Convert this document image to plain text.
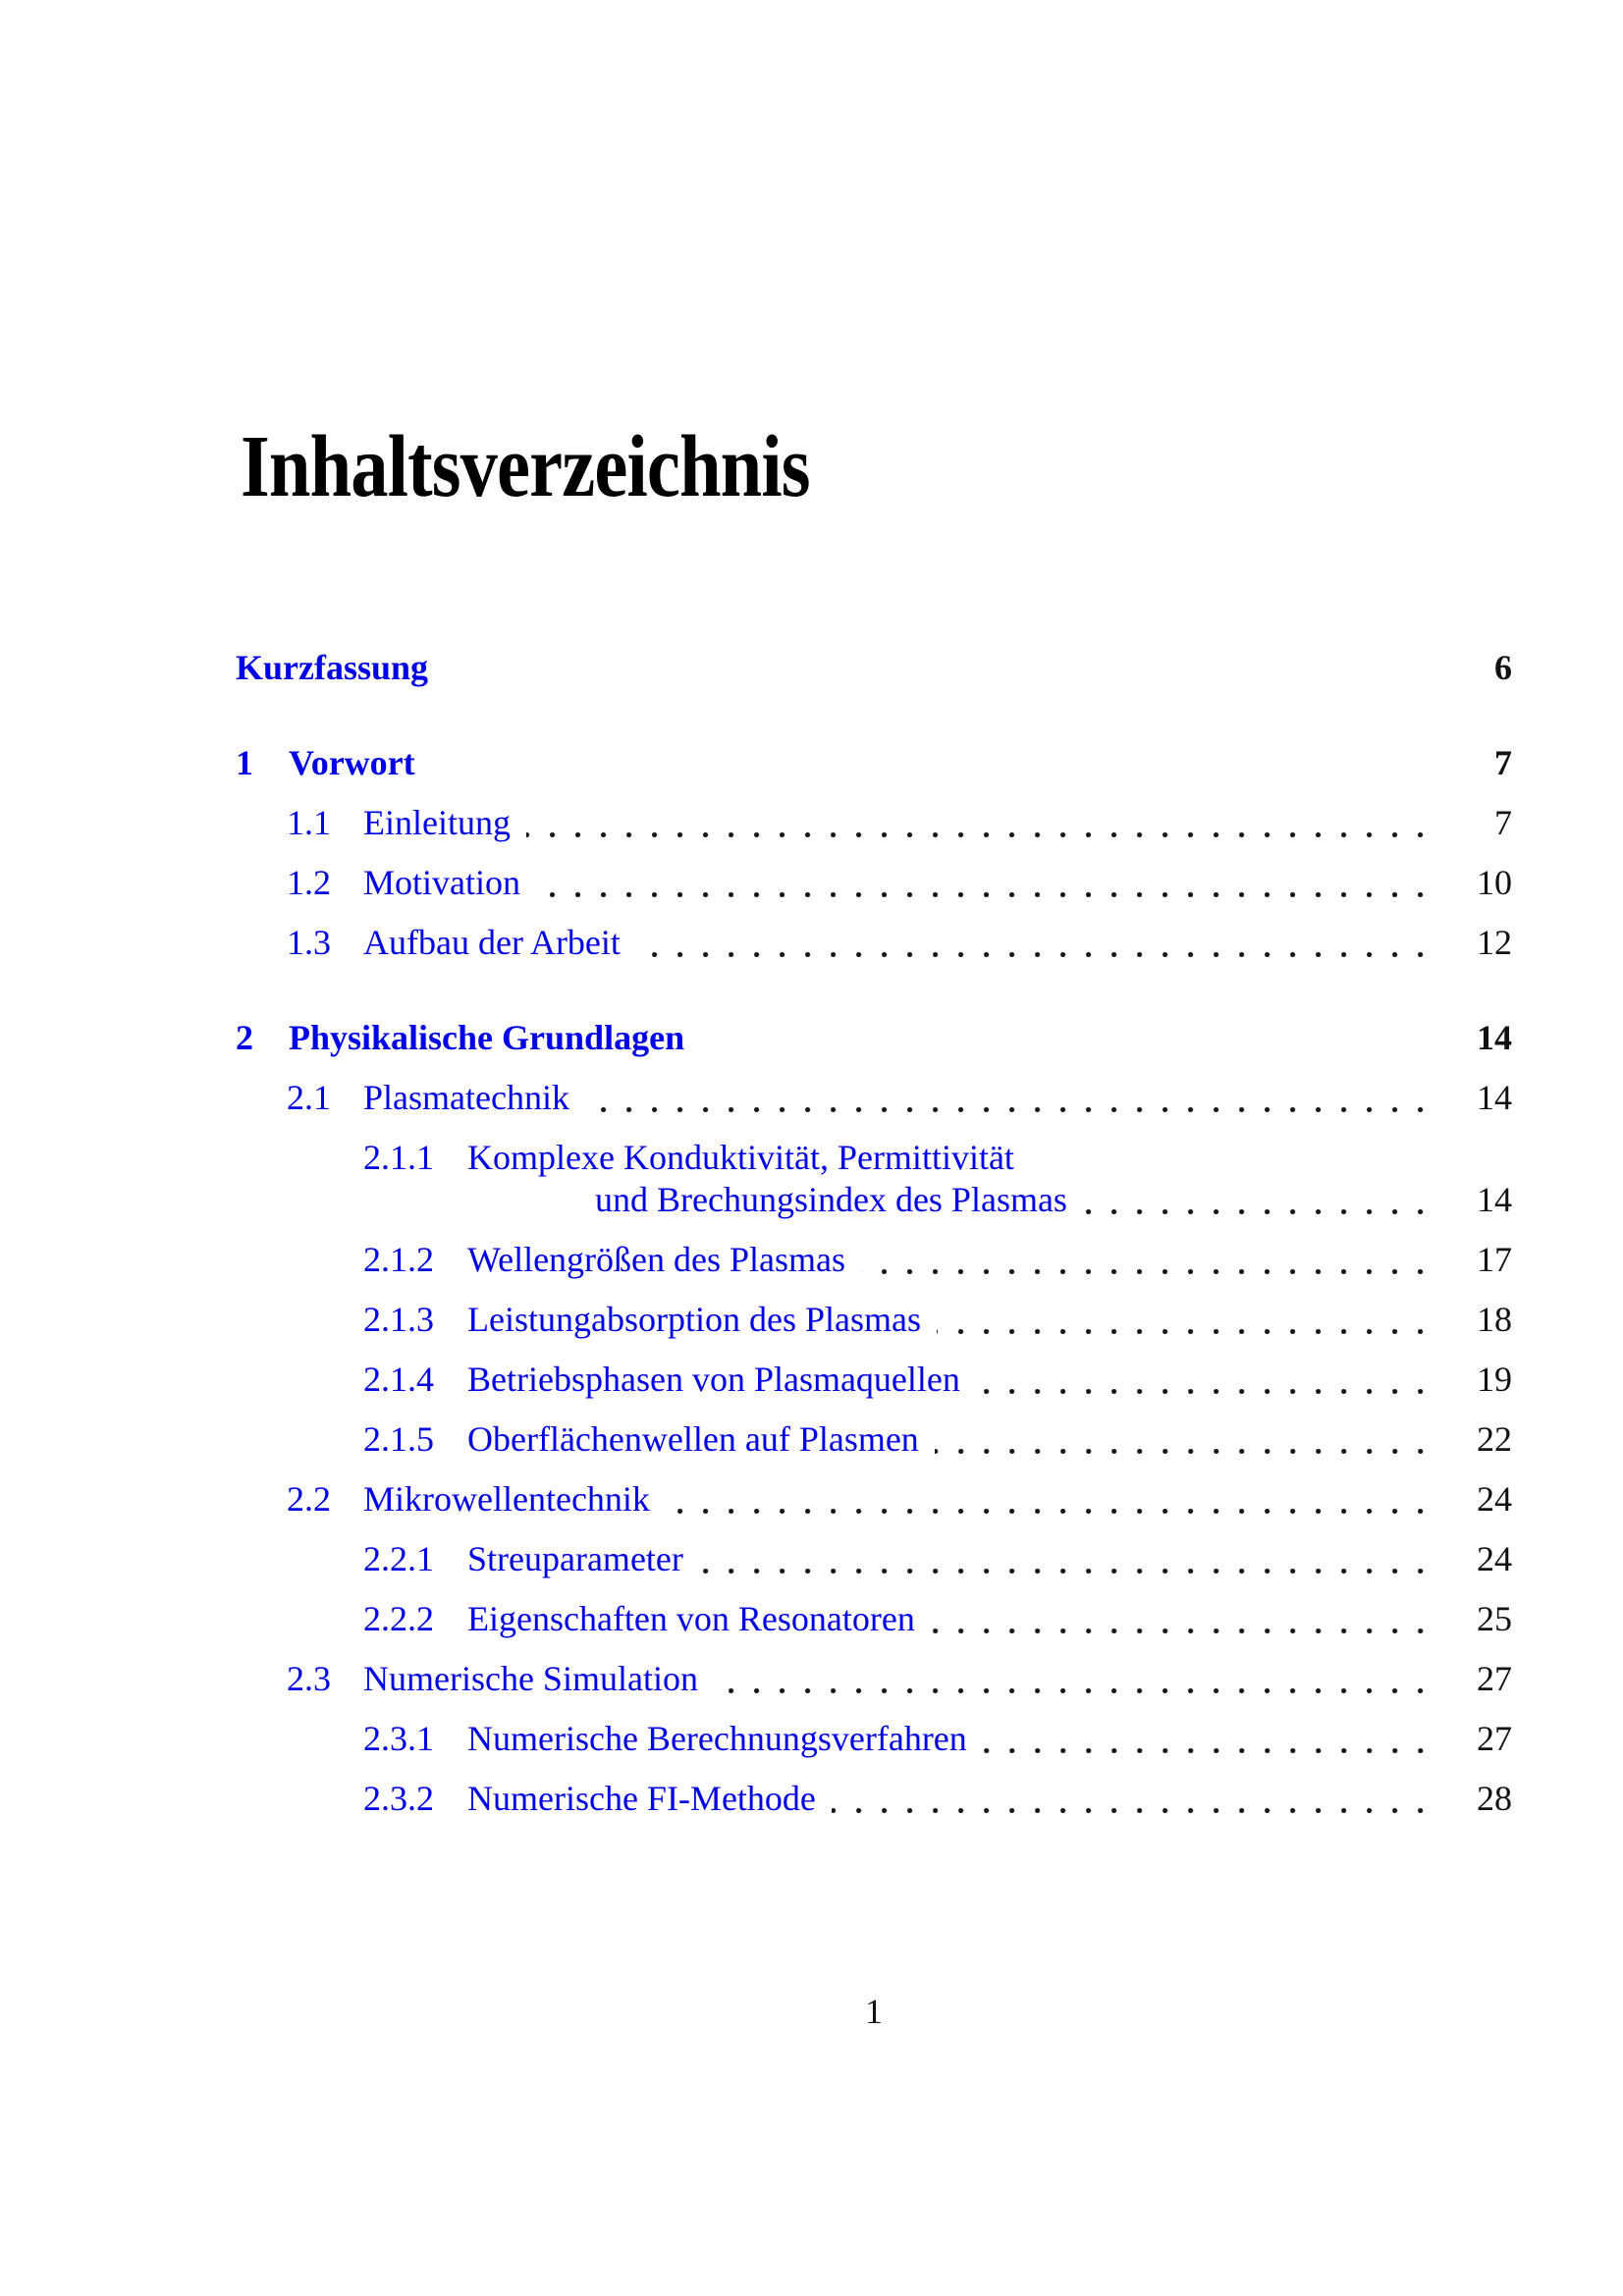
Inhaltsverzeichnis
Kurzfassung	6
1	Vorwort	7
1.1 Einleitung	7
1.2 Motivation	10
1.3 Aufbau der Arbeit	12
2	Physikalische Grundlagen	14
2.1 Plasmatechnik	14
2.1.1 Komplexe Konduktivität, Permittivität
und Brechungsindex des Plasmas	14
2.1.2 Wellengrößen des Plasmas	17
2.1.3 Leistungabsorption des Plasmas	18
2.1.4 Betriebsphasen von Plasmaquellen	19
2.1.5 Oberflächenwellen auf Plasmen	22
2.2 Mikrowellentechnik	24
2.2.1 Streuparameter	24
2.2.2 Eigenschaften von Resonatoren	25
2.3 Numerische Simulation	27
2.3.1 Numerische Berechnungsverfahren	27
2.3.2 Numerische FI-Methode	28
1
